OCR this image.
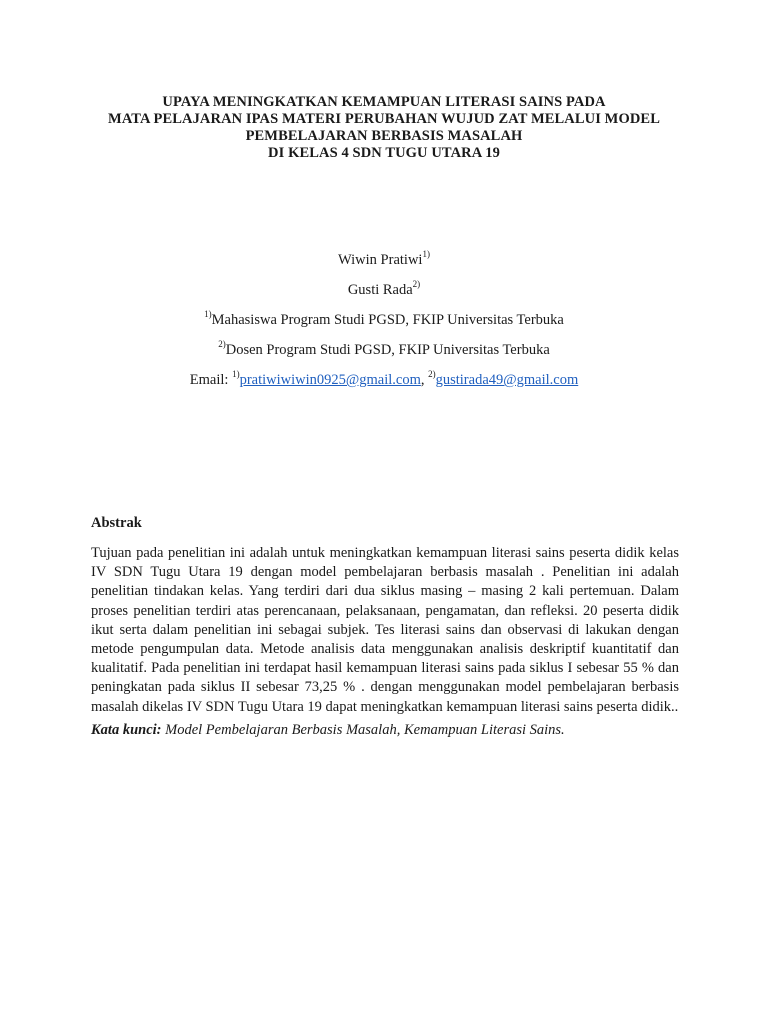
UPAYA MENINGKATKAN KEMAMPUAN LITERASI SAINS PADA
MATA PELAJARAN IPAS MATERI PERUBAHAN WUJUD ZAT MELALUI MODEL
PEMBELAJARAN BERBASIS MASALAH
DI KELAS 4 SDN TUGU UTARA 19
Wiwin Pratiwi$^{1)}$
Gusti Rada$^{2)}$
$^{1)}$Mahasiswa Program Studi PGSD, FKIP Universitas Terbuka
$^{2)}$Dosen Program Studi PGSD, FKIP Universitas Terbuka
Email: $^{1)}$pratiwiwiwin0925@gmail.com, $^{2)}$gustirada49@gmail.com
Abstrak
Tujuan pada penelitian ini adalah untuk meningkatkan kemampuan literasi sains peserta didik kelas IV SDN Tugu Utara 19 dengan model pembelajaran berbasis masalah . Penelitian ini adalah penelitian tindakan kelas. Yang terdiri dari dua siklus masing – masing 2 kali pertemuan. Dalam proses penelitian terdiri atas perencanaan, pelaksanaan, pengamatan, dan refleksi. 20 peserta didik ikut serta dalam penelitian ini sebagai subjek. Tes literasi sains dan observasi di lakukan dengan metode pengumpulan data. Metode analisis data menggunakan analisis deskriptif kuantitatif dan kualitatif. Pada penelitian ini terdapat hasil kemampuan literasi sains pada siklus I sebesar 55 % dan peningkatan pada siklus II sebesar 73,25 % . dengan menggunakan model pembelajaran berbasis masalah dikelas IV SDN Tugu Utara 19 dapat meningkatkan kemampuan literasi sains peserta didik..
Kata kunci: Model Pembelajaran Berbasis Masalah, Kemampuan Literasi Sains.
